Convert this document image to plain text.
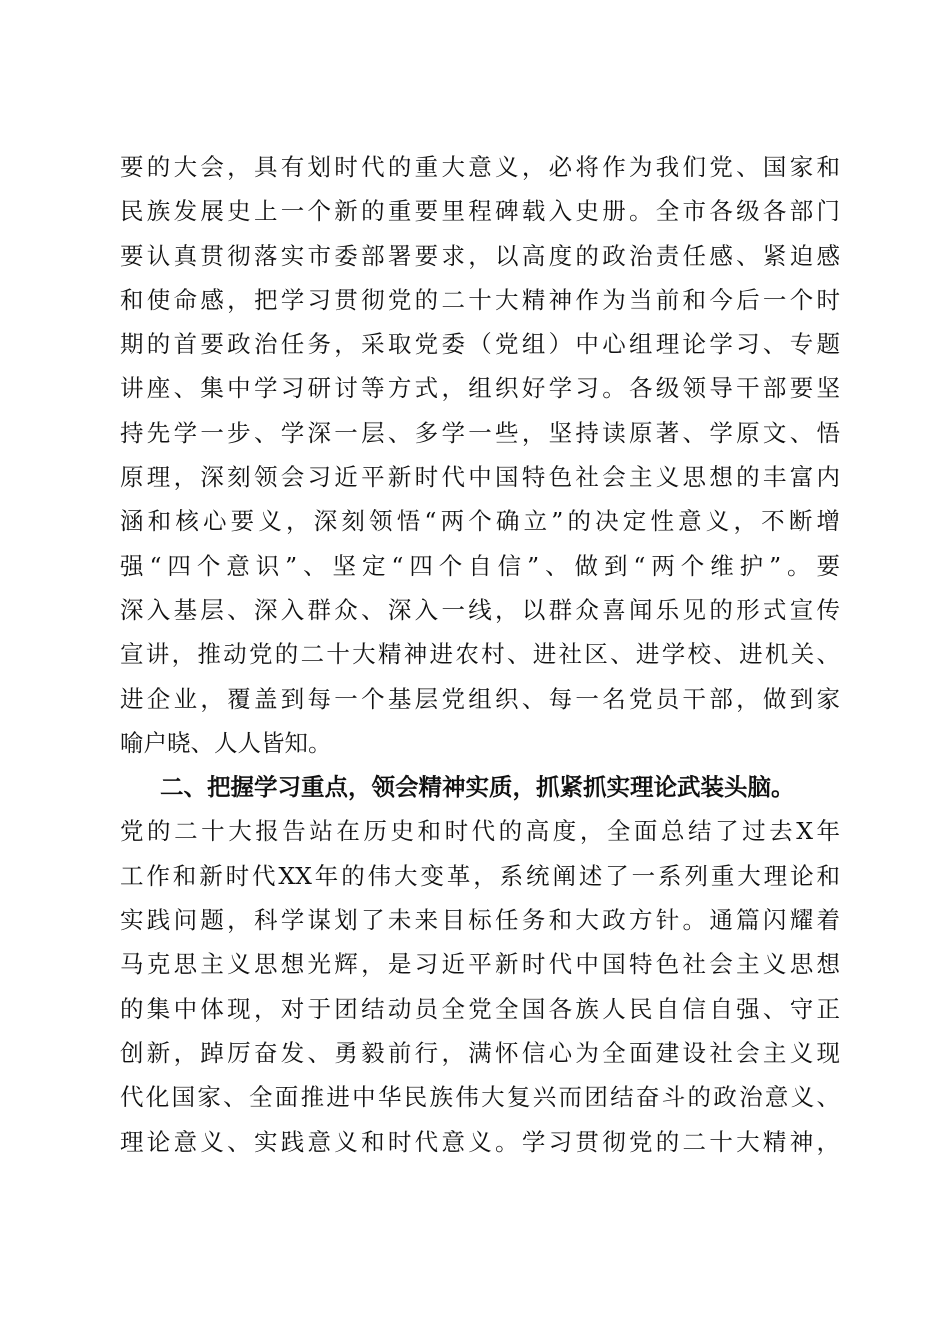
要的大会，具有划时代的重大意义，必将作为我们党、国家和
民族发展史上一个新的重要里程碑载入史册。全市各级各部门
要认真贯彻落实市委部署要求，以高度的政治责任感、紧迫感
和使命感，把学习贯彻党的二十大精神作为当前和今后一个时
期的首要政治任务，采取党委（党组）中心组理论学习、专题
讲座、集中学习研讨等方式，组织好学习。各级领导干部要坚
持先学一步、学深一层、多学一些，坚持读原著、学原文、悟
原理，深刻领会习近平新时代中国特色社会主义思想的丰富内
涵和核心要义，深刻领悟“两个确立”的决定性意义，不断增
强“四个意识”、坚定“四个自信”、做到“两个维护”。要
深入基层、深入群众、深入一线，以群众喜闻乐见的形式宣传
宣讲，推动党的二十大精神进农村、进社区、进学校、进机关、
进企业，覆盖到每一个基层党组织、每一名党员干部，做到家
喻户晓、人人皆知。
二、把握学习重点，领会精神实质，抓紧抓实理论武装头脑。
党的二十大报告站在历史和时代的高度，全面总结了过去X年
工作和新时代XX年的伟大变革，系统阐述了一系列重大理论和
实践问题，科学谋划了未来目标任务和大政方针。通篇闪耀着
马克思主义思想光辉，是习近平新时代中国特色社会主义思想
的集中体现，对于团结动员全党全国各族人民自信自强、守正
创新，踔厉奋发、勇毅前行，满怀信心为全面建设社会主义现
代化国家、全面推进中华民族伟大复兴而团结奋斗的政治意义、
理论意义、实践意义和时代意义。学习贯彻党的二十大精神，
